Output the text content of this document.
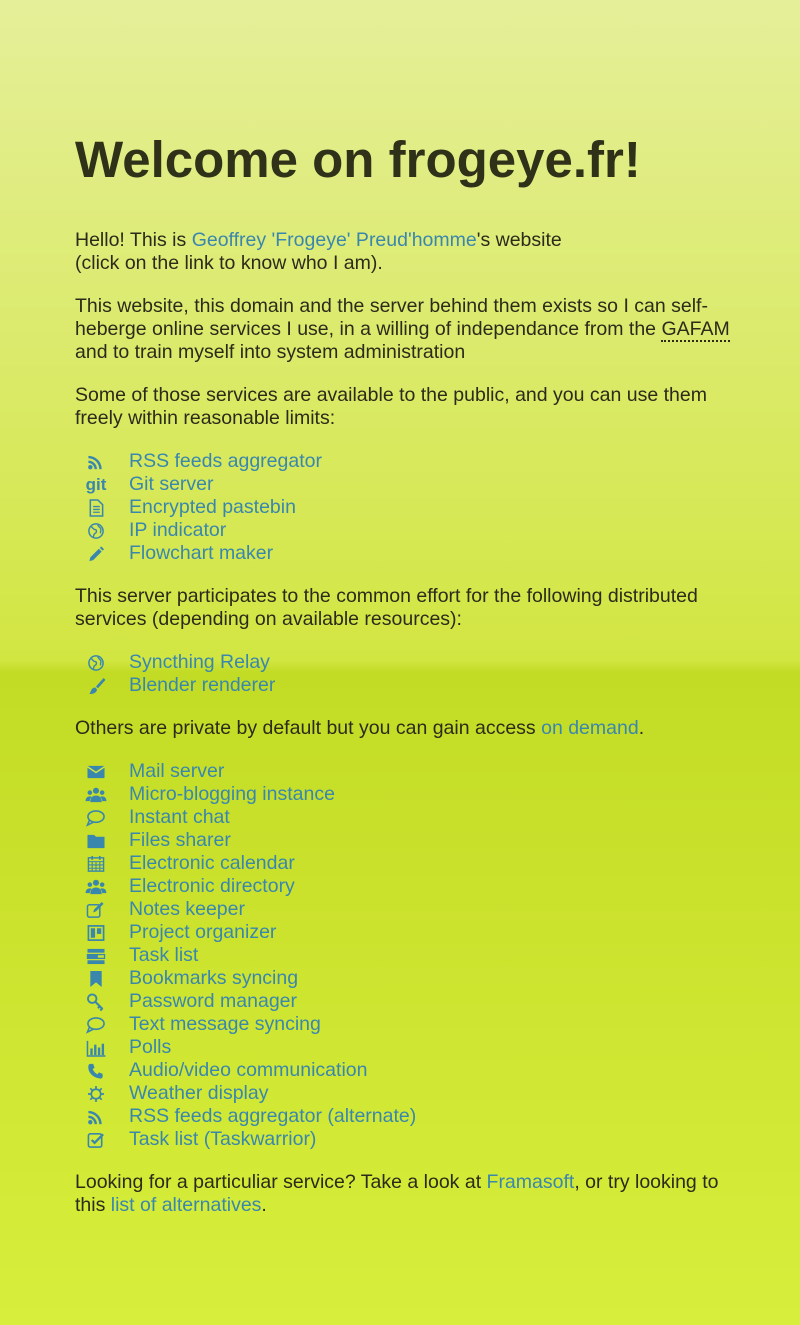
Welcome on frogeye.fr!

Hello! This is Geoffrey 'Frogeye' Preud'homme's website
(click on the link to know who I am).

This website, this domain and the server behind them exists so I can self-heberge online services I use, in a willing of independance from the GAFAM and to train myself into system administration

Some of those services are available to the public, and you can use them freely within reasonable limits:

RSS feeds aggregator
git Git server
Encrypted pastebin
IP indicator
Flowchart maker

This server participates to the common effort for the following distributed services (depending on available resources):

Syncthing Relay
Blender renderer

Others are private by default but you can gain access on demand.

Mail server
Micro-blogging instance
Instant chat
Files sharer
Electronic calendar
Electronic directory
Notes keeper
Project organizer
Task list
Bookmarks syncing
Password manager
Text message syncing
Polls
Audio/video communication
Weather display
RSS feeds aggregator (alternate)
Task list (Taskwarrior)

Looking for a particuliar service? Take a look at Framasoft, or try looking to this list of alternatives.
